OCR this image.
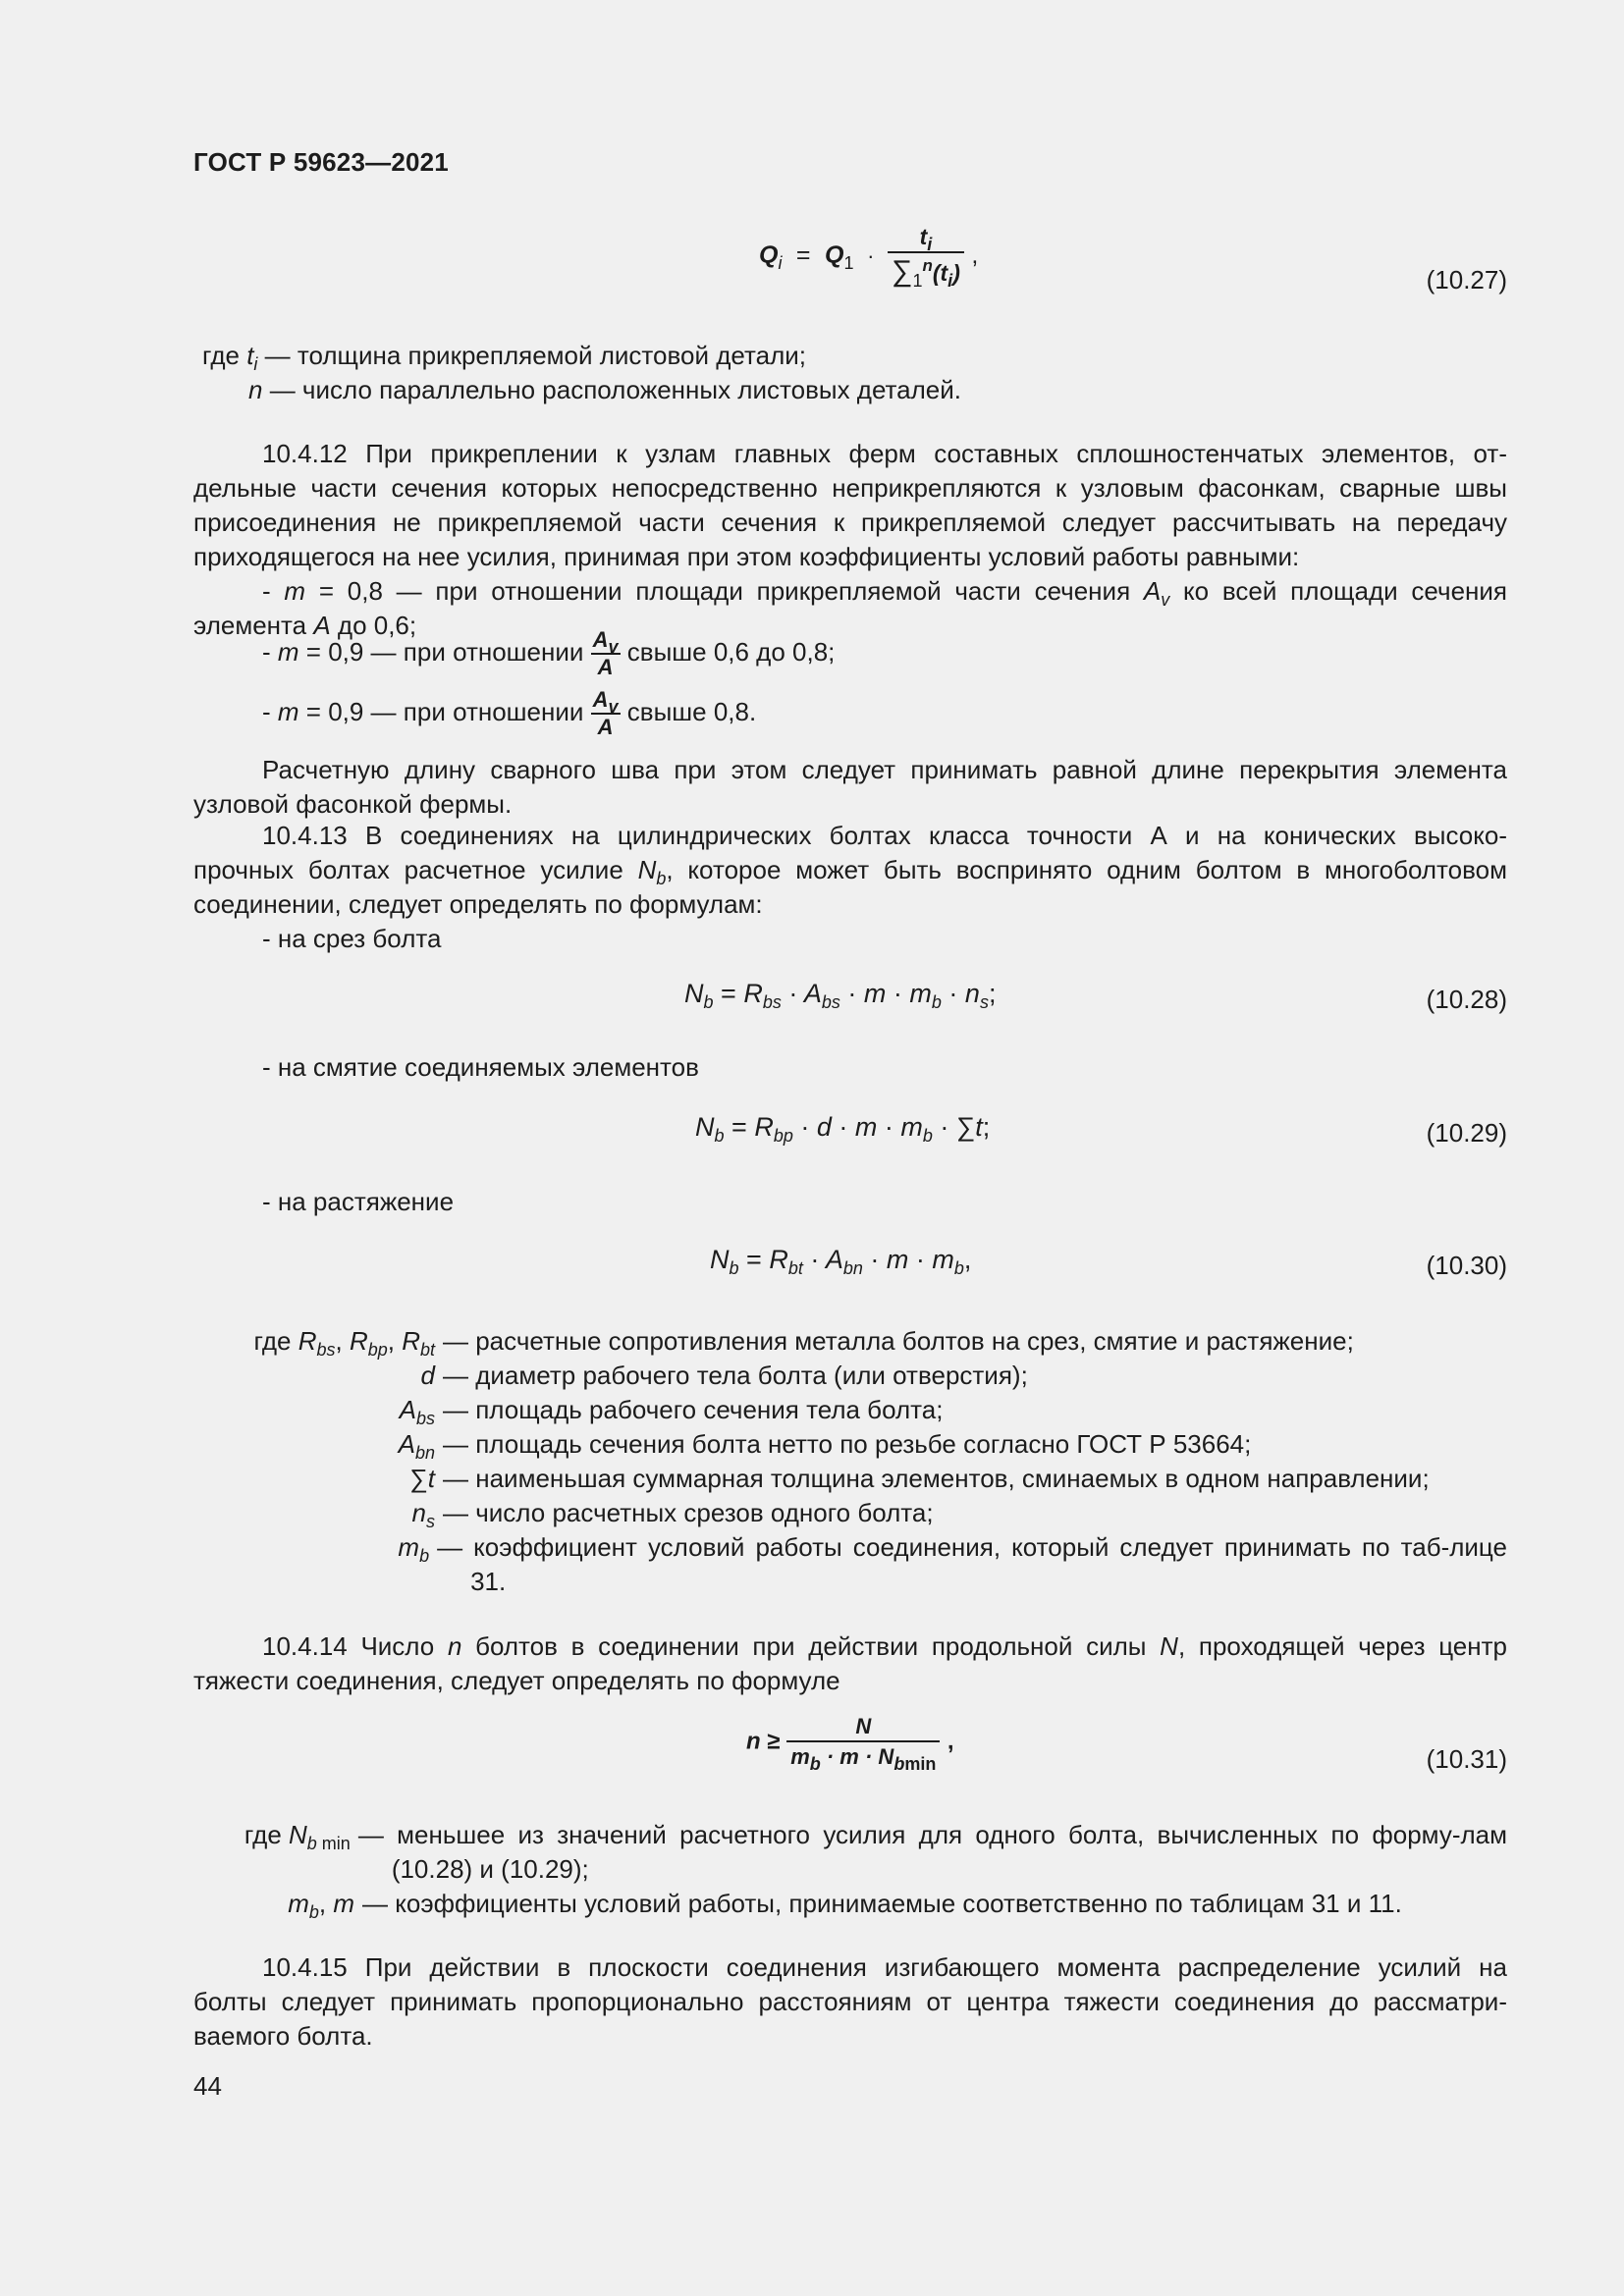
ГОСТ Р 59623—2021
$Q_i = Q_1 \cdot \frac{t_i}{\sum_1^n(t_i)}$ ,
(10.27)
где $t_i$ — толщина прикрепляемой листовой детали;
n — число параллельно расположенных листовых деталей.
10.4.12 При прикреплении к узлам главных ферм составных сплошностенчатых элементов, от-
дельные части сечения которых непосредственно неприкрепляются к узловым фасонкам, сварные швы
присоединения не прикрепляемой части сечения к прикрепляемой следует рассчитывать на передачу
приходящегося на нее усилия, принимая при этом коэффициенты условий работы равными:
- m = 0,8 — при отношении площади прикрепляемой части сечения $A_v$ ко всей площади сечения
элемента A до 0,6;
- m = 0,9 — при отношении $\frac{A_v}{A}$ свыше 0,6 до 0,8;
- m = 0,9 — при отношении $\frac{A_v}{A}$ свыше 0,8.
Расчетную длину сварного шва при этом следует принимать равной длине перекрытия элемента
узловой фасонкой фермы.
10.4.13 В соединениях на цилиндрических болтах класса точности А и на конических высоко-
прочных болтах расчетное усилие $N_b$, которое может быть воспринято одним болтом в многоболтовом
соединении, следует определять по формулам:
- на срез болта
$N_b = R_{bs} \cdot A_{bs} \cdot m \cdot m_b \cdot n_s$;	(10.28)
- на смятие соединяемых элементов
$N_b = R_{bp} \cdot d \cdot m \cdot m_b \cdot \sum t$;	(10.29)
- на растяжение
$N_b = R_{bt} \cdot A_{bn} \cdot m \cdot m_b$,	(10.30)
где $R_{bs}$, $R_{bp}$, $R_{bt}$ — расчетные сопротивления металла болтов на срез, смятие и растяжение;
d — диаметр рабочего тела болта (или отверстия);
$A_{bs}$ — площадь рабочего сечения тела болта;
$A_{bn}$ — площадь сечения болта нетто по резьбе согласно ГОСТ Р 53664;
∑t — наименьшая суммарная толщина элементов, сминаемых в одном направлении;
$n_s$ — число расчетных срезов одного болта;
$m_b$ — коэффициент условий работы соединения, который следует принимать по таб-лице 31.
10.4.14 Число n болтов в соединении при действии продольной силы N, проходящей через центр
тяжести соединения, следует определять по формуле
$n \ge \frac{N}{m_b \cdot m \cdot N_{bmin}}$ ,
(10.31)
где $N_b$ $_{min}$ — меньшее из значений расчетного усилия для одного болта, вычисленных по форму-лам (10.28) и (10.29);
$m_b$, m — коэффициенты условий работы, принимаемые соответственно по таблицам 31 и 11.
10.4.15 При действии в плоскости соединения изгибающего момента распределение усилий на
болты следует принимать пропорционально расстояниям от центра тяжести соединения до рассматри-
ваемого болта.
44
